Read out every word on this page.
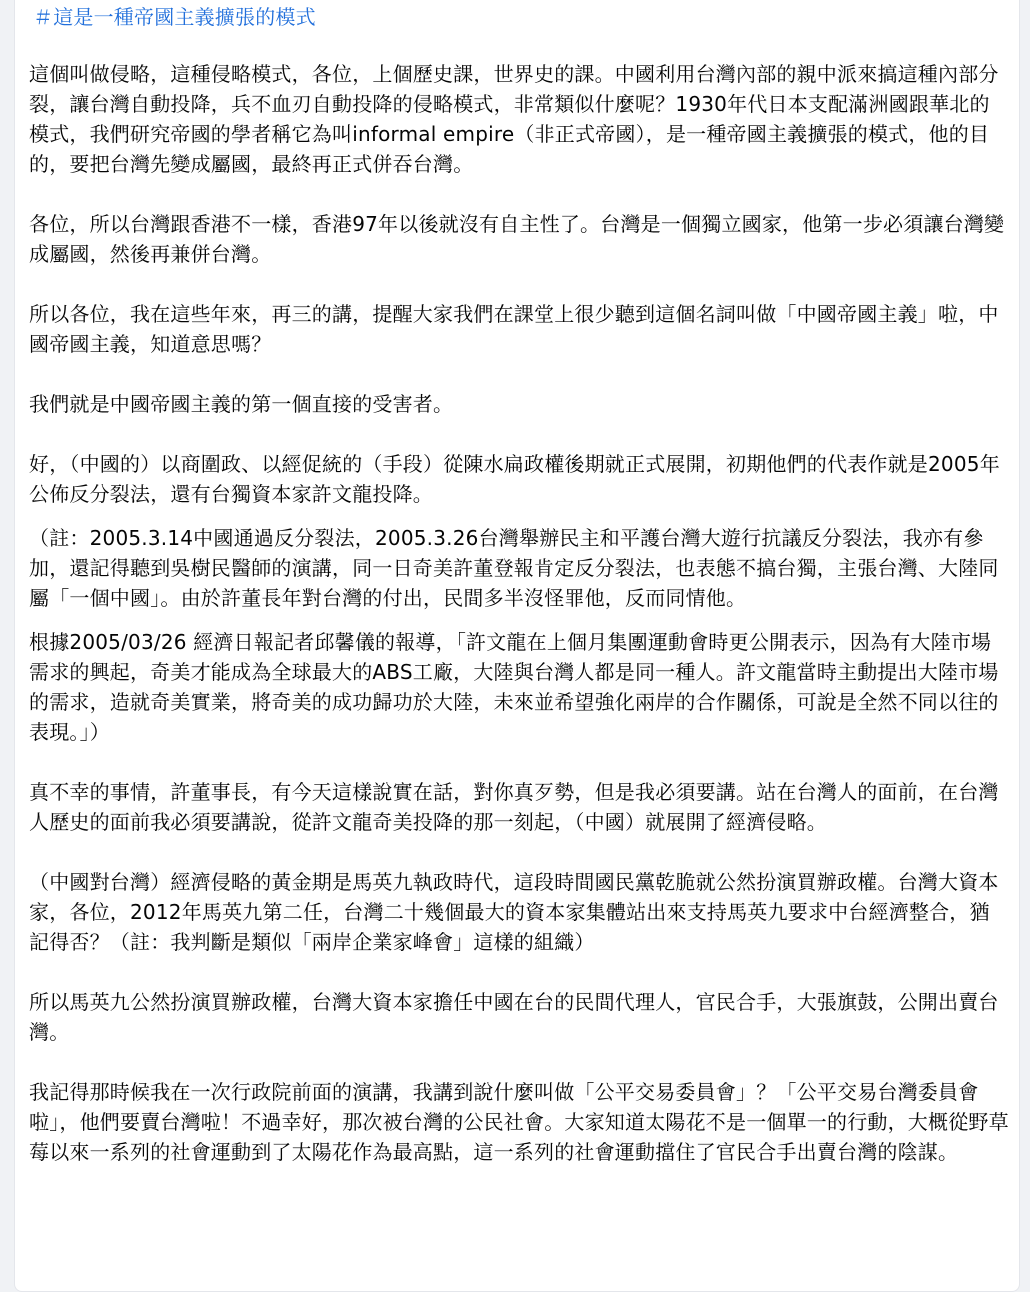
＃這是一種帝國主義擴張的模式

這個叫做侵略，這種侵略模式，各位，上個歷史課，世界史的課。中國利用台灣內部的親中派來搞這種內部分裂，讓台灣自動投降，兵不血刃自動投降的侵略模式，非常類似什麼呢？1930年代日本支配滿洲國跟華北的模式，我們研究帝國的學者稱它為叫informal empire（非正式帝國），是一種帝國主義擴張的模式，他的目的，要把台灣先變成屬國，最終再正式併吞台灣。

各位，所以台灣跟香港不一樣，香港97年以後就沒有自主性了。台灣是一個獨立國家，他第一步必須讓台灣變成屬國，然後再兼併台灣。

所以各位，我在這些年來，再三的講，提醒大家我們在課堂上很少聽到這個名詞叫做「中國帝國主義」啦，中國帝國主義，知道意思嗎？

我們就是中國帝國主義的第一個直接的受害者。

好，（中國的）以商圍政、以經促統的（手段）從陳水扁政權後期就正式展開，初期他們的代表作就是2005年公佈反分裂法，還有台獨資本家許文龍投降。

（註：2005.3.14中國通過反分裂法，2005.3.26台灣舉辦民主和平護台灣大遊行抗議反分裂法，我亦有參加，還記得聽到吳樹民醫師的演講，同一日奇美許董登報肯定反分裂法，也表態不搞台獨，主張台灣、大陸同屬「一個中國」。由於許董長年對台灣的付出，民間多半沒怪罪他，反而同情他。

根據2005/03/26 經濟日報記者邱馨儀的報導，「許文龍在上個月集團運動會時更公開表示，因為有大陸市場需求的興起，奇美才能成為全球最大的ABS工廠，大陸與台灣人都是同一種人。許文龍當時主動提出大陸市場的需求，造就奇美實業，將奇美的成功歸功於大陸，未來並希望強化兩岸的合作關係，可說是全然不同以往的表現。」）

真不幸的事情，許董事長，有今天這樣說實在話，對你真歹勢，但是我必須要講。站在台灣人的面前，在台灣人歷史的面前我必須要講說，從許文龍奇美投降的那一刻起，（中國）就展開了經濟侵略。

（中國對台灣）經濟侵略的黃金期是馬英九執政時代，這段時間國民黨乾脆就公然扮演買辦政權。台灣大資本家，各位，2012年馬英九第二任，台灣二十幾個最大的資本家集體站出來支持馬英九要求中台經濟整合，猶記得否？（註：我判斷是類似「兩岸企業家峰會」這樣的組織）

所以馬英九公然扮演買辦政權，台灣大資本家擔任中國在台的民間代理人，官民合手，大張旗鼓，公開出賣台灣。

我記得那時候我在一次行政院前面的演講，我講到說什麼叫做「公平交易委員會」？「公平交易台灣委員會啦」，他們要賣台灣啦！不過幸好，那次被台灣的公民社會。大家知道太陽花不是一個單一的行動，大概從野草莓以來一系列的社會運動到了太陽花作為最高點，這一系列的社會運動擋住了官民合手出賣台灣的陰謀。
